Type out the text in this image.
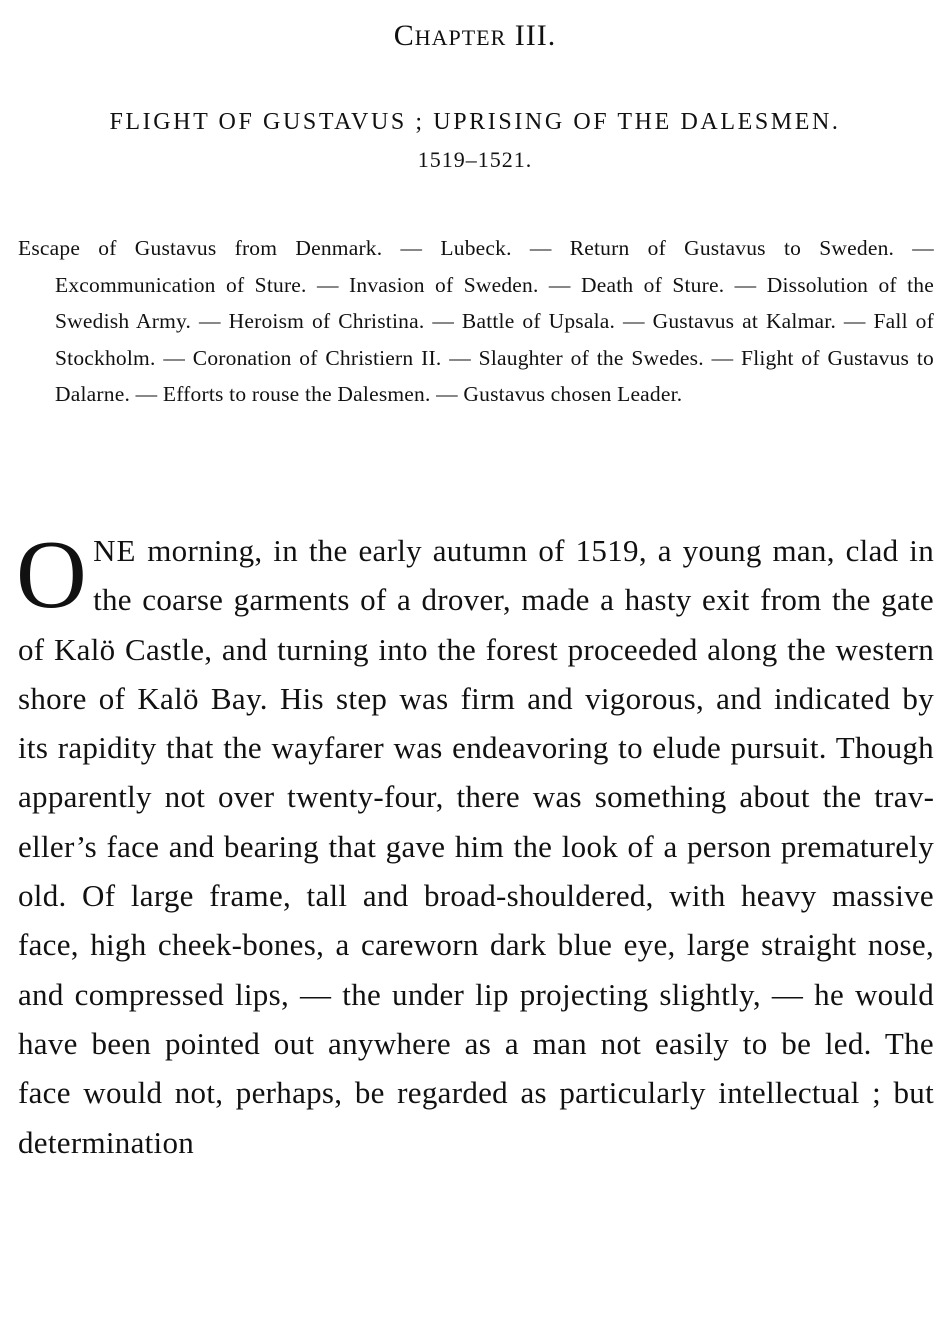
CHAPTER III.
FLIGHT OF GUSTAVUS ; UPRISING OF THE DALESMEN.
1519–1521.

Escape of Gustavus from Denmark. — Lubeck. — Return of Gustavus to Sweden. — Excommunication of Sture. — Invasion of Sweden. — Death of Sture. — Dissolution of the Swedish Army. — Heroism of Christina. — Battle of Upsala. — Gustavus at Kalmar. — Fall of Stockholm. — Coronation of Christiern II. — Slaughter of the Swedes. — Flight of Gustavus to Dalarne. — Efforts to rouse the Dalesmen. — Gustavus chosen Leader.

ONE morning, in the early autumn of 1519, a young man, clad in the coarse garments of a drover, made a hasty exit from the gate of Kalö Castle, and turning into the forest proceeded along the western shore of Kalö Bay. His step was firm and vigorous, and indicated by its rapidity that the wayfarer was endeavoring to elude pursuit. Though apparently not over twenty-four, there was something about the traveller’s face and bearing that gave him the look of a person prematurely old. Of large frame, tall and broad-shouldered, with heavy massive face, high cheek-bones, a careworn dark blue eye, large straight nose, and compressed lips, — the under lip projecting slightly, — he would have been pointed out anywhere as a man not easily to be led. The face would not, perhaps, be regarded as particularly intellectual ; but determination
